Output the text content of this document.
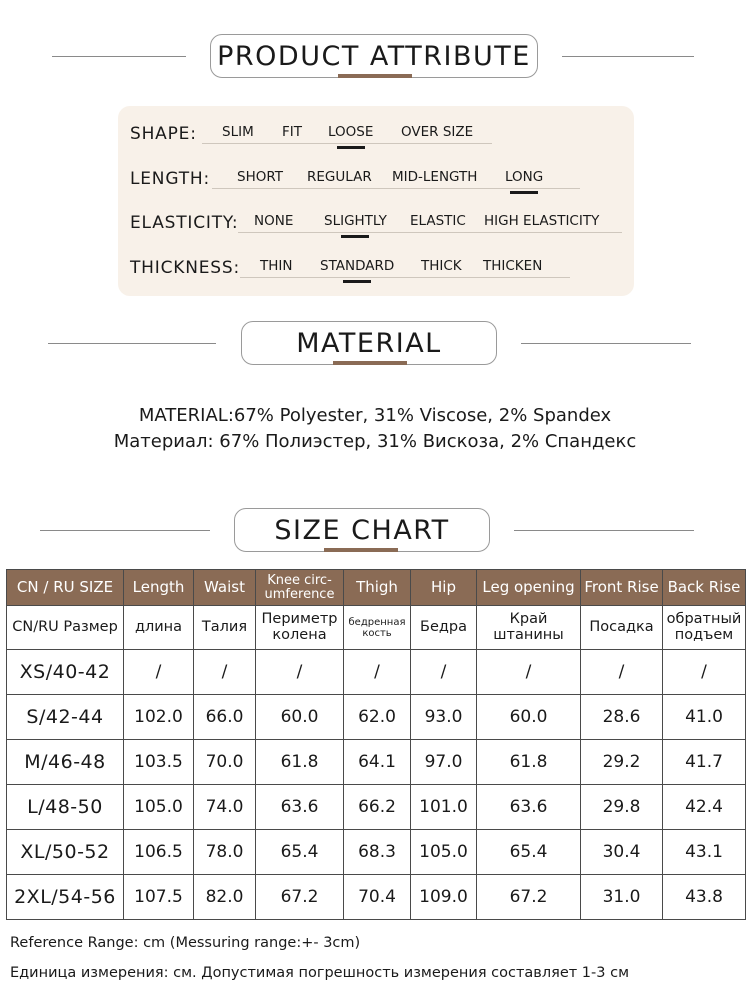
PRODUCT ATTRIBUTE
SHAPE: SLIM FIT LOOSE OVER SIZE
LENGTH: SHORT REGULAR MID-LENGTH LONG
ELASTICITY: NONE SLIGHTLY ELASTIC HIGH ELASTICITY
THICKNESS: THIN STANDARD THICK THICKEN
MATERIAL
MATERIAL:67% Polyester, 31% Viscose, 2% Spandex
Материал: 67% Полиэстер, 31% Вискоза, 2% Спандекс
SIZE CHART
CN / RU SIZE	Length	Waist	Knee circ-umference	Thigh	Hip	Leg opening	Front Rise	Back Rise
CN/RU Размер	длина	Талия	Периметр колена	бедренная кость	Бедра	Край штанины	Посадка	обратный подъем
XS/40-42	/	/	/	/	/	/	/	/
S/42-44	102.0	66.0	60.0	62.0	93.0	60.0	28.6	41.0
M/46-48	103.5	70.0	61.8	64.1	97.0	61.8	29.2	41.7
L/48-50	105.0	74.0	63.6	66.2	101.0	63.6	29.8	42.4
XL/50-52	106.5	78.0	65.4	68.3	105.0	65.4	30.4	43.1
2XL/54-56	107.5	82.0	67.2	70.4	109.0	67.2	31.0	43.8
Reference Range: cm (Messuring range:+- 3cm)
Единица измерения: см. Допустимая погрешность измерения составляет 1-3 см
